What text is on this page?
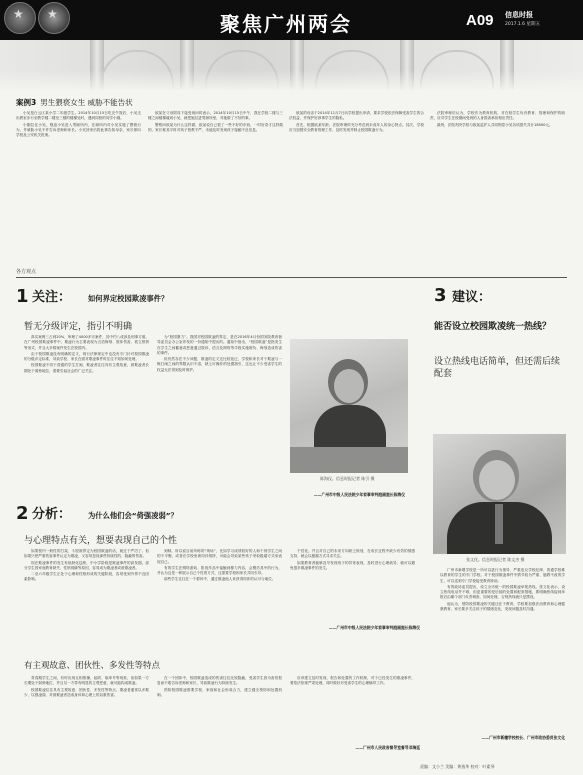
★ ★	聚焦广州两会	A09 信息时报
2017.1.6 星期五
案例3 男生猥亵女生 威胁不能告状

小吴是白云区某小学二年级学生。2014年10月15日吃完午饭后，小吴走出教室步行至教学楼二楼至三楼的楼梯处时，遇到同校的同学小刚。

小刚拉住小吴，强迫小吴进入男厕所内，在厕所内对小吴实施了猥亵行为，并威胁小吴不许告诉老师和家长。小吴回家后将此事告知母亲，家长即向学校及公安机关报案。

欧某在父母陪同下接受询问时表示，2014年10月15日中午，我在学校二楼与三楼之间楼梯碰到小吴，就把她拉进男厕所里，对她做了不好的事。

警察问欧某为什么这样做，欧某说自己看了一些不好的东西，一时好奇才这样做的。家长称其平时对孩子管教不严，未能及时发现孩子接触不良信息。

欧某的母亲于2014年11月7日向学校提出申请，要求学校依法保障受害学生的合法权益，并保护好涉事学生的隐私。

首先，根据欧某年龄，法院审理时充分考虑到未成年人的身心特点。其次，学校应当加强安全教育管理工作，及时发现并制止校园欺凌行为。

法院审理后认为，学校作为教育机构，对在校学生负有教育、管理和保护的职责，应对学生在校期间受到的人身损害承担相应责任。

最终，法院判决学校与欧某监护人共同赔偿小吴各项损失共计18500元。

各方观点
1 关注： 如何界定校园欺凌事件？
暂无分级评定，指引不明确

真实案例三占到20%，审理了4000多宗案件，其中约八成涉及刑事方面。在广州校园欺凌事件中，欺凌行为主要表现为言语侮辱、肢体伤害、孤立排挤等形式，并且大多数案件发生在校园内。

由于校园欺凌没有明确的定义，现行法律规定中也没有专门针对校园欺凌的分级评定标准，导致学校、家长在面对欺凌事件时往往不知如何处理。

校园欺凌不同于普通的学生打闹，欺凌者往往具有主观故意，被欺凌者长期处于弱势地位，需要引起社会的广泛关注。

为“校园暴力”。我国对校园欺凌的界定，是在2016年4月份国务院教育督导委员会办公室印发的一份通知中提出的。通知中指出，“校园欺凌”是指发生在学生之间蓄意或恶意通过肢体、语言及网络等手段实施欺负、侮辱造成伤害的事件。

但仍然存在不少问题，欺凌的定义还比较宽泛，学校和家长对于欺凌与一般打闹之间的界限认识不清，缺乏可操作的处置指引，这也让不少受害学生的权益无法得到及时保护。

陈海仪。信息时报记者 陈引 摄
——广州市中级人民法院少年家事审判庭副庭长陈海仪
2 分析： 为什么他们会“倚强凌弱”？
与心理特点有关，想要表现自己的个性

如果校内一般性的打架、斗殴被界定为校园欺凌的话，就过于严厉了；但如果只把严重伤害事件认定为欺凌，又容易忽视那些持续性的、隐蔽的伤害。

现在欺凌事件的发生有低龄化趋势，中小学阶段是欺凌事件的高发期。部分学生因家庭教育缺失、性格孤僻等原因，容易成为欺凌者或被欺凌者。

二至六年级学生正处于心理和性格形成的关键阶段，容易受到外界不良因素影响。

到制。所以说目前所称的“现场”，比如学习成绩较好的人和个别学生之间的不平衡，或者在学校里被同伴排挤，可能会导致某些孩子采取极端方式来表现自己。

有的学生在网络游戏、影视作品中接触到暴力内容，会模仿其中的行为，并认为这是一种展示自己个性的方式，这需要学校和家长共同引导。

那些学生往往在一个群体中，通过欺凌他人来获得同伴的认可与地位。

个性化。并且对自己的未来方向缺乏规划，在成长过程中缺少有效的情感支持，就会以极端方式寻求关注。

如果教育者能够及早发现孩子的异常表现，及时进行心理疏导，就可以避免很多欺凌事件的发生。

——广州市中级人民法院少年家事审判庭副庭长陈海仪
有主观故意、团伙性、多发性等特点

青春期学生之间，有时出现互相推搡、起哄、取绰号等现象，但如果一方长期处于弱势地位，并且另一方带有明显的主观恶意，就可能构成欺凌。

校园欺凌往往具有主观故意、团伙性、多发性等特点，欺凌者通常以多欺少、以强凌弱，对被欺凌者造成身体和心理上的双重伤害。

在一个团体中，校园欺凌造成的伤害往往比较隐蔽，受害学生因为害怕报复而不敢告诉老师和家长，导致欺凌行为持续发生。

预防校园欺凌需要学校、家庭和社会形成合力，建立健全预防和处置机制。

应该建立及时发现、报告和处置的工作机制，对于已经发生的欺凌事件，要依法依规严肃处理，同时做好对受害学生的心理辅导工作。

——广州市人民政府督导室督导邓瑞廷
3 建议：
能否设立校园欺凌统一热线？
设立热线电话简单，但还需后续配套
张文化。信息时报记者 陈文杰 摄

广州市新增学校是一所可以进行为指导、严重违反学校纪律、普通学校难以教育的学生的专门学校。对于校园欺凌事件中情节较为严重、屡教不改的学生，可以送到专门学校接受教育矫治。

有的政协委员提出，设立全市统一的校园欺凌举报热线。张文化表示，设立热线电话并不难，但更重要的是后续的处置和配套措施，要明确热线接到举报后由哪个部门负责调查、如何处理，否则热线就只是摆设。

他认为，预防校园欺凌的关键还在于教育，学校要加强法治教育和心理健康教育，家长要多关注孩子的情绪变化，发现问题及时沟通。

——广州市新穗学校校长、广州市政协委员张文化
责编：文小兰 美编：黄逸华 校对：叶素琴
